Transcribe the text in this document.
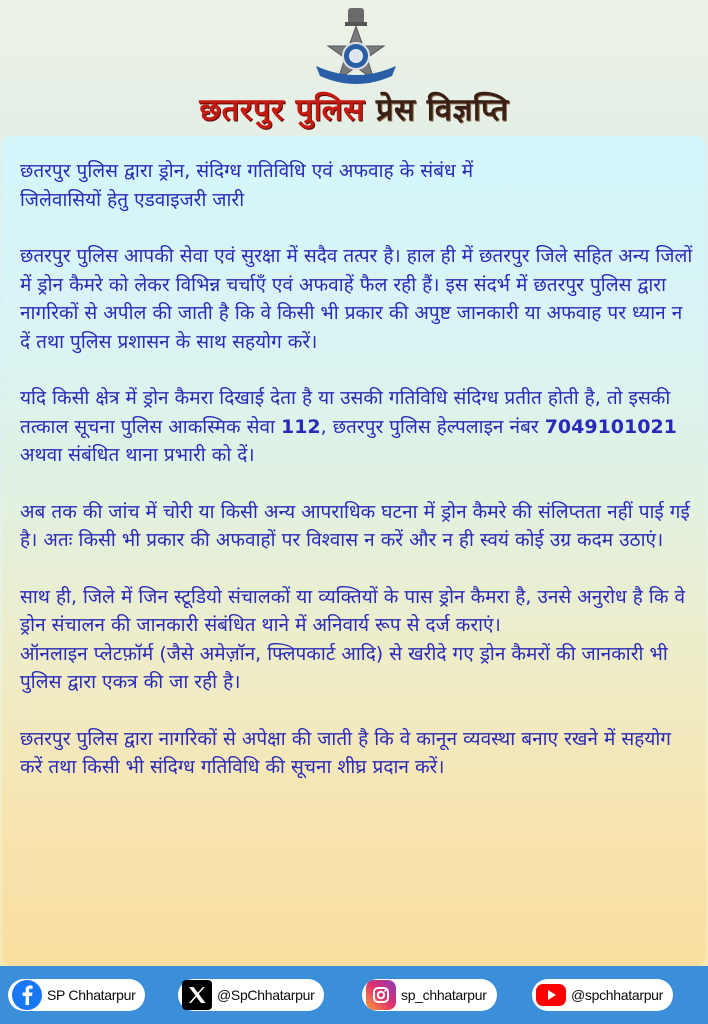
छतरपुर पुलिस प्रेस विज्ञप्ति

छतरपुर पुलिस द्वारा ड्रोन, संदिग्ध गतिविधि एवं अफवाह के संबंध में

जिलेवासियों हेतु एडवाइजरी जारी

छतरपुर पुलिस आपकी सेवा एवं सुरक्षा में सदैव तत्पर है। हाल ही में छतरपुर जिले सहित अन्य जिलों में ड्रोन कैमरे को लेकर विभिन्न चर्चाएँ एवं अफवाहें फैल रही हैं। इस संदर्भ में छतरपुर पुलिस द्वारा नागरिकों से अपील की जाती है कि वे किसी भी प्रकार की अपुष्ट जानकारी या अफवाह पर ध्यान न दें तथा पुलिस प्रशासन के साथ सहयोग करें।

यदि किसी क्षेत्र में ड्रोन कैमरा दिखाई देता है या उसकी गतिविधि संदिग्ध प्रतीत होती है, तो इसकी तत्काल सूचना पुलिस आकस्मिक सेवा 112, छतरपुर पुलिस हेल्पलाइन नंबर 7049101021 अथवा संबंधित थाना प्रभारी को दें।

अब तक की जांच में चोरी या किसी अन्य आपराधिक घटना में ड्रोन कैमरे की संलिप्तता नहीं पाई गई है। अतः किसी भी प्रकार की अफवाहों पर विश्वास न करें और न ही स्वयं कोई उग्र कदम उठाएं।

साथ ही, जिले में जिन स्टूडियो संचालकों या व्यक्तियों के पास ड्रोन कैमरा है, उनसे अनुरोध है कि वे ड्रोन संचालन की जानकारी संबंधित थाने में अनिवार्य रूप से दर्ज कराएं।

ऑनलाइन प्लेटफ़ॉर्म (जैसे अमेज़ॉन, फ्लिपकार्ट आदि) से खरीदे गए ड्रोन कैमरों की जानकारी भी पुलिस द्वारा एकत्र की जा रही है।

छतरपुर पुलिस द्वारा नागरिकों से अपेक्षा की जाती है कि वे कानून व्यवस्था बनाए रखने में सहयोग करें तथा किसी भी संदिग्ध गतिविधि की सूचना शीघ्र प्रदान करें।

SP Chhatarpur	@SpChhatarpur	sp_chhatarpur	@spchhatarpur
